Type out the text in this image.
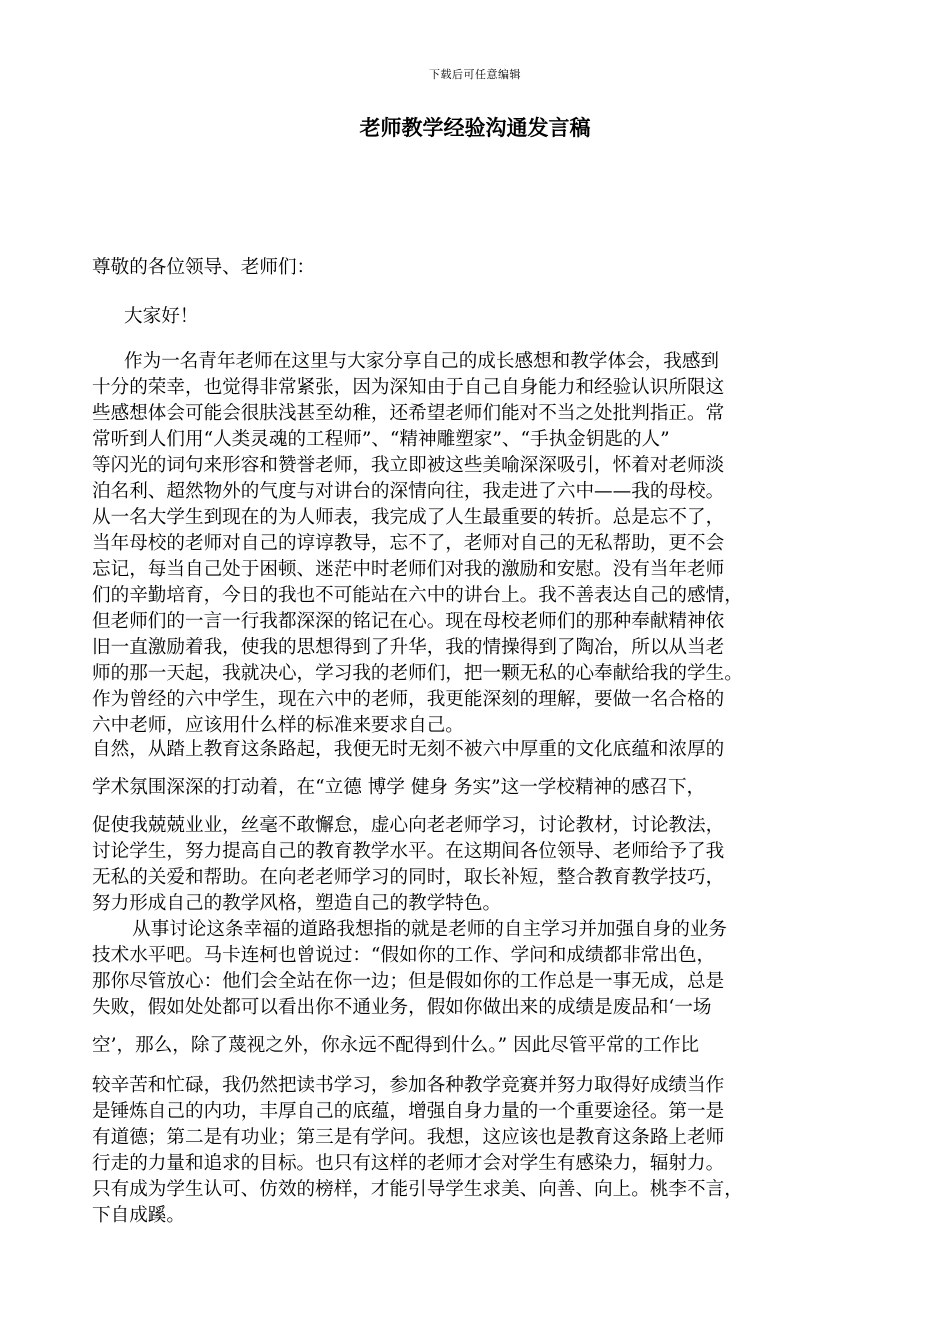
下载后可任意编辑
老师教学经验沟通发言稿

尊敬的各位领导、老师们：

大家好！

作为一名青年老师在这里与大家分享自己的成长感想和教学体会，我感到

十分的荣幸，也觉得非常紧张，因为深知由于自己自身能力和经验认识所限这

些感想体会可能会很肤浅甚至幼稚，还希望老师们能对不当之处批判指正。常

常听到人们用“人类灵魂的工程师”、“精神雕塑家”、“手执金钥匙的人”

等闪光的词句来形容和赞誉老师，我立即被这些美喻深深吸引，怀着对老师淡

泊名利、超然物外的气度与对讲台的深情向往，我走进了六中——我的母校。

从一名大学生到现在的为人师表，我完成了人生最重要的转折。总是忘不了，

当年母校的老师对自己的谆谆教导，忘不了，老师对自己的无私帮助，更不会

忘记，每当自己处于困顿、迷茫中时老师们对我的激励和安慰。没有当年老师

们的辛勤培育，今日的我也不可能站在六中的讲台上。我不善表达自己的感情，

但老师们的一言一行我都深深的铭记在心。现在母校老师们的那种奉献精神依

旧一直激励着我，使我的思想得到了升华，我的情操得到了陶冶，所以从当老

师的那一天起，我就决心，学习我的老师们，把一颗无私的心奉献给我的学生。

作为曾经的六中学生，现在六中的老师，我更能深刻的理解，要做一名合格的

六中老师，应该用什么样的标准来要求自己。

自然，从踏上教育这条路起，我便无时无刻不被六中厚重的文化底蕴和浓厚的

学术氛围深深的打动着，在“立德 博学 健身 务实”这一学校精神的感召下，

促使我兢兢业业，丝毫不敢懈怠，虚心向老老师学习，讨论教材，讨论教法，

讨论学生，努力提高自己的教育教学水平。在这期间各位领导、老师给予了我

无私的关爱和帮助。在向老老师学习的同时，取长补短，整合教育教学技巧，

努力形成自己的教学风格，塑造自己的教学特色。

从事讨论这条幸福的道路我想指的就是老师的自主学习并加强自身的业务

技术水平吧。马卡连柯也曾说过：“假如你的工作、学问和成绩都非常出色，

那你尽管放心：他们会全站在你一边；但是假如你的工作总是一事无成，总是

失败，假如处处都可以看出你不通业务，假如你做出来的成绩是废品和‘一场

空’，那么，除了蔑视之外，你永远不配得到什么。” 因此尽管平常的工作比

较辛苦和忙碌，我仍然把读书学习，参加各种教学竞赛并努力取得好成绩当作

是锤炼自己的内功，丰厚自己的底蕴，增强自身力量的一个重要途径。第一是

有道德；第二是有功业；第三是有学问。我想，这应该也是教育这条路上老师

行走的力量和追求的目标。也只有这样的老师才会对学生有感染力，辐射力。

只有成为学生认可、仿效的榜样，才能引导学生求美、向善、向上。桃李不言，

下自成蹊。
